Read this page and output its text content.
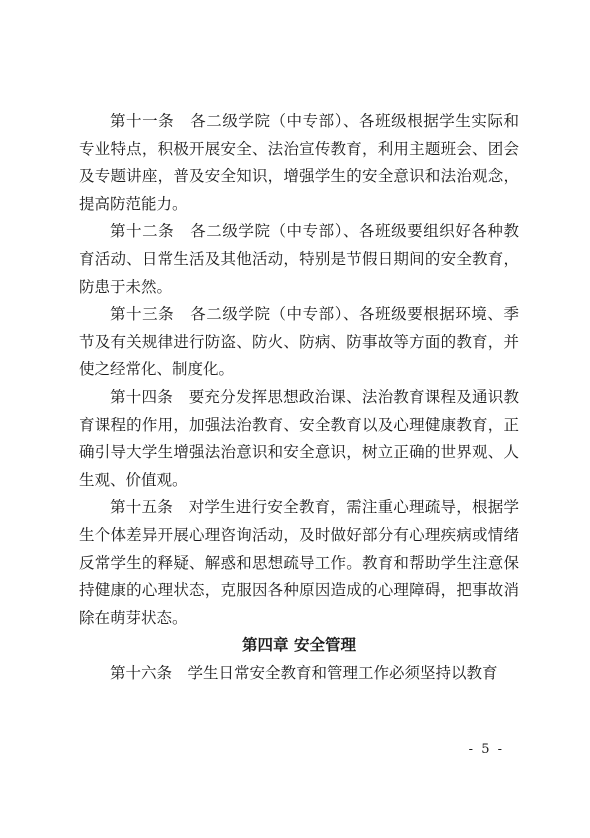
第十一条　各二级学院（中专部）、各班级根据学生实际和专业特点，积极开展安全、法治宣传教育，利用主题班会、团会及专题讲座，普及安全知识，增强学生的安全意识和法治观念，提高防范能力。

第十二条　各二级学院（中专部）、各班级要组织好各种教育活动、日常生活及其他活动，特别是节假日期间的安全教育，防患于未然。

第十三条　各二级学院（中专部）、各班级要根据环境、季节及有关规律进行防盗、防火、防病、防事故等方面的教育，并使之经常化、制度化。

第十四条　要充分发挥思想政治课、法治教育课程及通识教育课程的作用，加强法治教育、安全教育以及心理健康教育，正确引导大学生增强法治意识和安全意识，树立正确的世界观、人生观、价值观。

第十五条　对学生进行安全教育，需注重心理疏导，根据学生个体差异开展心理咨询活动，及时做好部分有心理疾病或情绪反常学生的释疑、解惑和思想疏导工作。教育和帮助学生注意保持健康的心理状态，克服因各种原因造成的心理障碍，把事故消除在萌芽状态。

第四章 安全管理

第十六条　学生日常安全教育和管理工作必须坚持以教育

- 5 -
